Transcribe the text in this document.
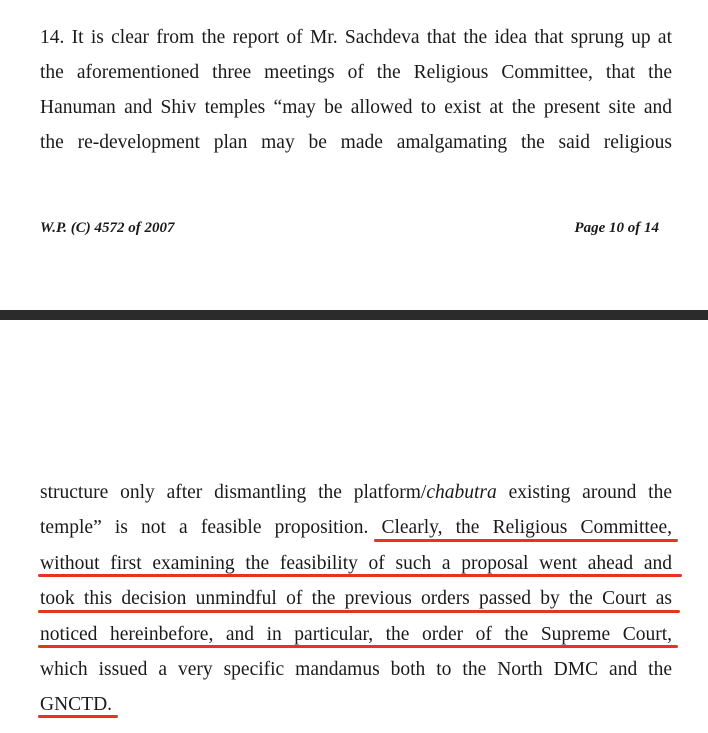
14. It is clear from the report of Mr. Sachdeva that the idea that sprung up at
the aforementioned three meetings of the Religious Committee, that the
Hanuman and Shiv temples “may be allowed to exist at the present site and
the re-development plan may be made amalgamating the said religious
W.P. (C) 4572 of 2007	Page 10 of 14
structure only after dismantling the platform/chabutra existing around the
temple” is not a feasible proposition. Clearly, the Religious Committee,
without first examining the feasibility of such a proposal went ahead and
took this decision unmindful of the previous orders passed by the Court as
noticed hereinbefore, and in particular, the order of the Supreme Court,
which issued a very specific mandamus both to the North DMC and the
GNCTD.
